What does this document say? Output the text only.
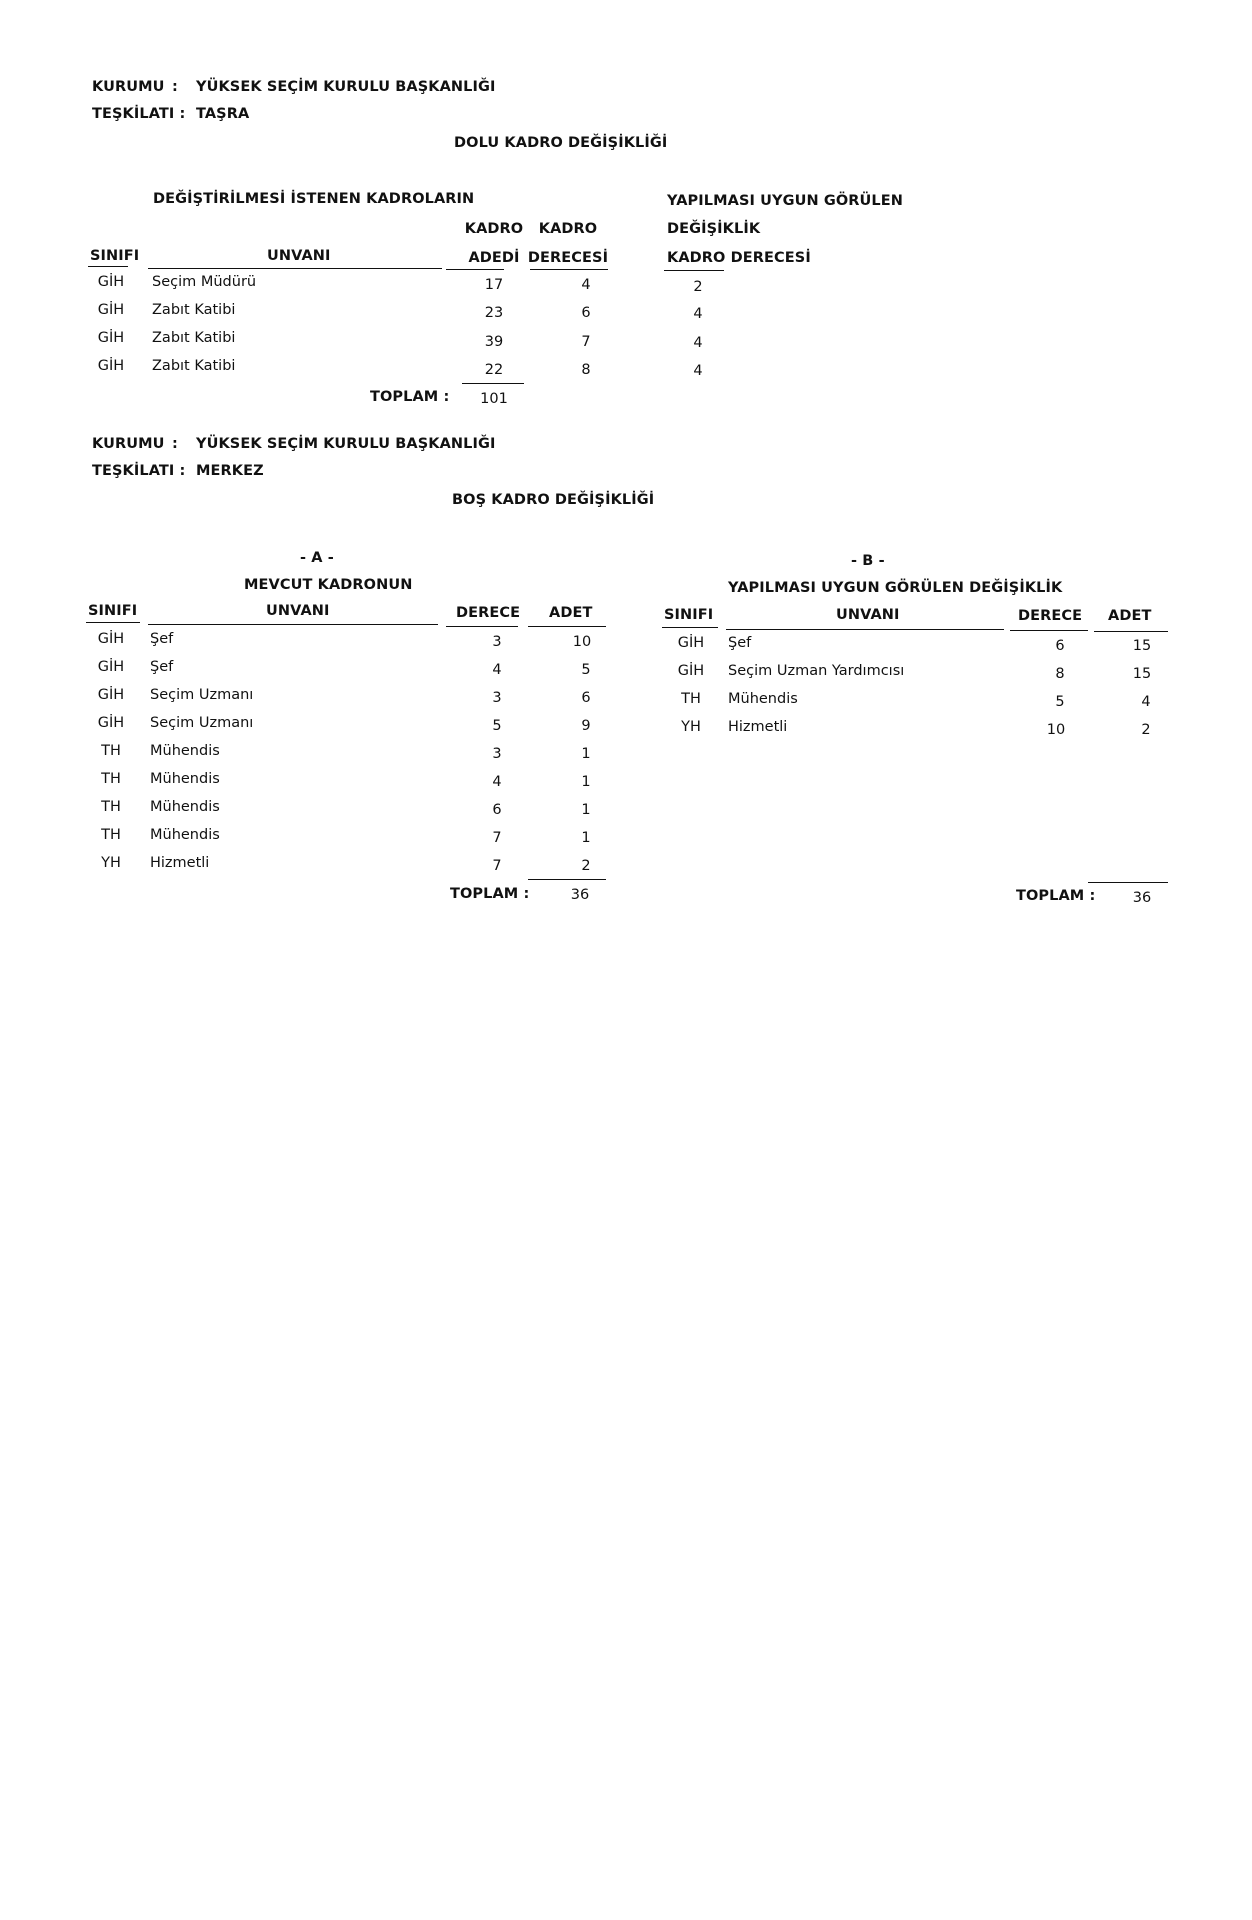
KURUMU : YÜKSEK SEÇİM KURULU BAŞKANLIĞI
TEŞKİLATI : TAŞRA
DOLU KADRO DEĞİŞİKLİĞİ
DEĞİŞTİRİLMESİ İSTENEN KADROLARIN	YAPILMASI UYGUN GÖRÜLEN
DEĞİŞİKLİK
KADRO	KADRO
SINIFI	UNVANI	ADEDİ DERECESİ	KADRO DERECESİ
GİH Seçim Müdürü	17	4	2
GİH Zabıt Katibi	23	6	4
GİH Zabıt Katibi	39	7	4
GİH Zabıt Katibi	22	8	4
TOPLAM :	101
KURUMU : YÜKSEK SEÇİM KURULU BAŞKANLIĞI
TEŞKİLATI : MERKEZ
BOŞ KADRO DEĞİŞİKLİĞİ
- A -
MEVCUT KADRONUN
SINIFI	UNVANI	DERECE ADET
GİH Şef	3	10
GİH Şef	4	5
GİH Seçim Uzmanı	3	6
GİH Seçim Uzmanı	5	9
TH	Mühendis	3	1
TH	Mühendis	4	1
TH	Mühendis	6	1
TH	Mühendis	7	1
YH	Hizmetli	7	2
TOPLAM :	36
- B -
YAPILMASI UYGUN GÖRÜLEN DEĞİŞİKLİK
SINIFI	UNVANI	DERECE ADET
GİH Şef	6	15
GİH Seçim Uzman Yardımcısı	8	15
TH	Mühendis	5	4
YH	Hizmetli	10	2
TOPLAM :	36
